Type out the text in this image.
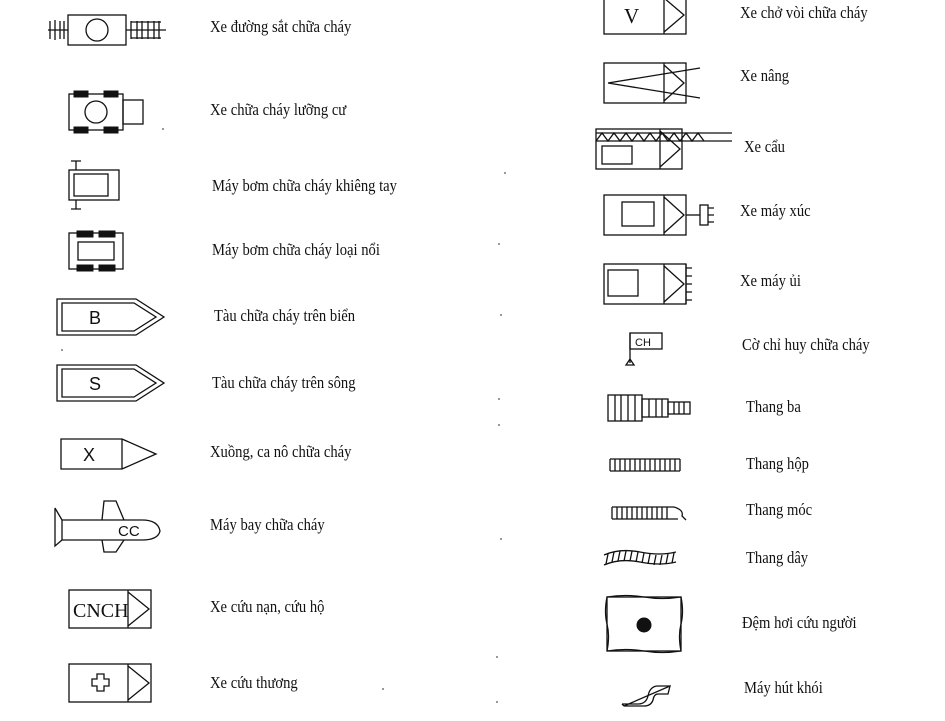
Xe đường sắt chữa cháy
Xe chữa cháy lưỡng cư
Máy bơm chữa cháy khiêng tay
Máy bơm chữa cháy loại nổi
B	Tàu chữa cháy trên biển
S	Tàu chữa cháy trên sông
X	Xuồng, ca nô chữa cháy
CC	Máy bay chữa cháy
CNCH	Xe cứu nạn, cứu hộ
Xe cứu thương
V	Xe chở vòi chữa cháy
Xe nâng
Xe cẩu
Xe máy xúc
Xe máy ủi
CH	Cờ chỉ huy chữa cháy
Thang ba
Thang hộp
Thang móc
Thang dây
Đệm hơi cứu người
Máy hút khói
